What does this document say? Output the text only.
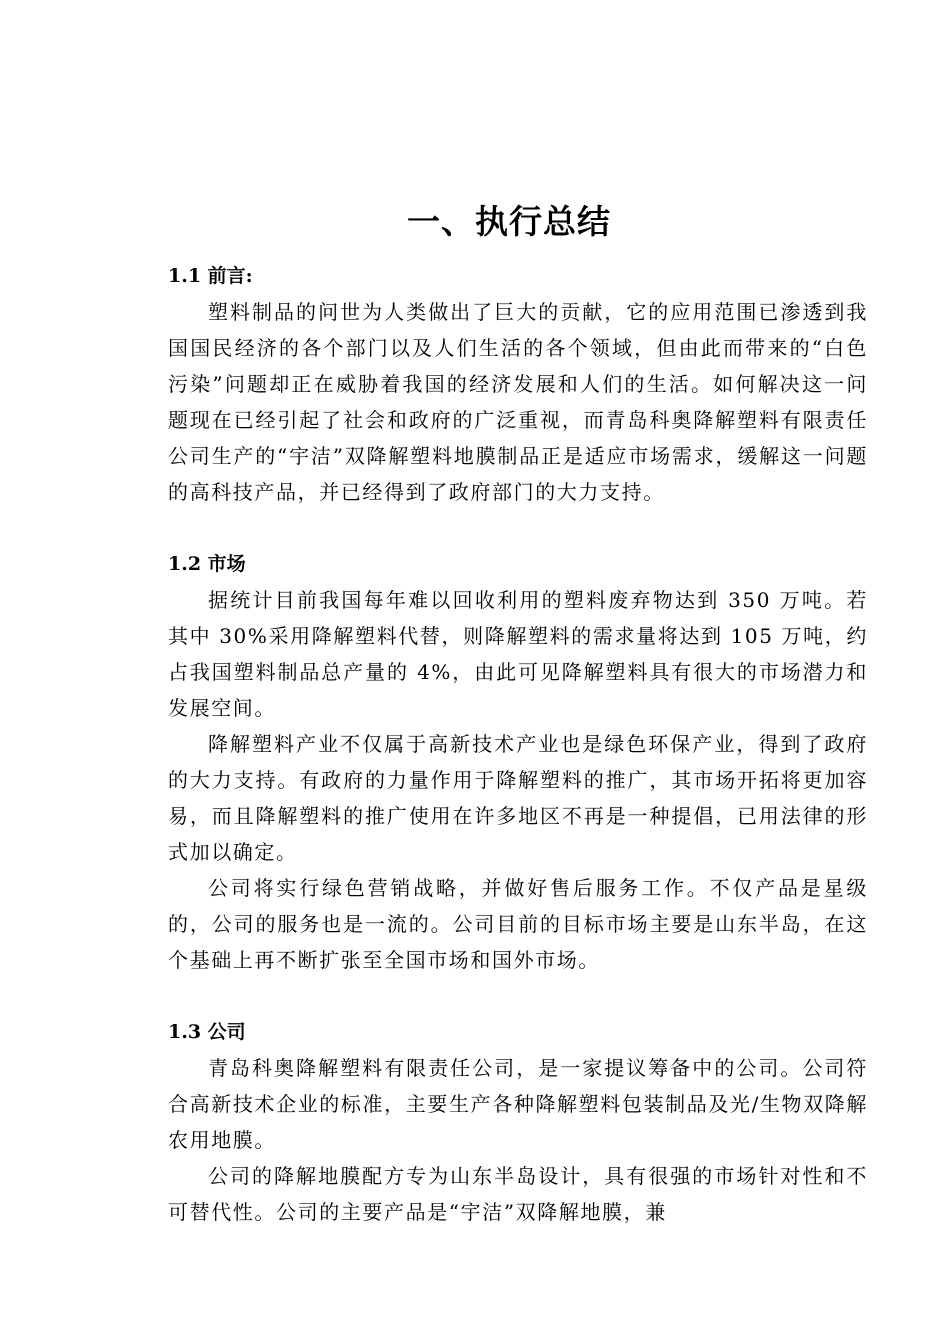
一、执行总结
1.1 前言:

塑料制品的问世为人类做出了巨大的贡献，它的应用范围已渗透到我国国民经济的各个部门以及人们生活的各个领域，但由此而带来的“白色污染”问题却正在威胁着我国的经济发展和人们的生活。如何解决这一问题现在已经引起了社会和政府的广泛重视，而青岛科奥降解塑料有限责任公司生产的“宇洁”双降解塑料地膜制品正是适应市场需求，缓解这一问题的高科技产品，并已经得到了政府部门的大力支持。

1.2 市场

据统计目前我国每年难以回收利用的塑料废弃物达到 350 万吨。若其中 30%采用降解塑料代替，则降解塑料的需求量将达到 105 万吨，约占我国塑料制品总产量的 4%，由此可见降解塑料具有很大的市场潜力和发展空间。

降解塑料产业不仅属于高新技术产业也是绿色环保产业，得到了政府的大力支持。有政府的力量作用于降解塑料的推广，其市场开拓将更加容易，而且降解塑料的推广使用在许多地区不再是一种提倡，已用法律的形式加以确定。

公司将实行绿色营销战略，并做好售后服务工作。不仅产品是星级的，公司的服务也是一流的。公司目前的目标市场主要是山东半岛，在这个基础上再不断扩张至全国市场和国外市场。

1.3 公司

青岛科奥降解塑料有限责任公司，是一家提议筹备中的公司。公司符合高新技术企业的标准，主要生产各种降解塑料包装制品及光/生物双降解农用地膜。

公司的降解地膜配方专为山东半岛设计，具有很强的市场针对性和不可替代性。公司的主要产品是“宇洁”双降解地膜，兼
